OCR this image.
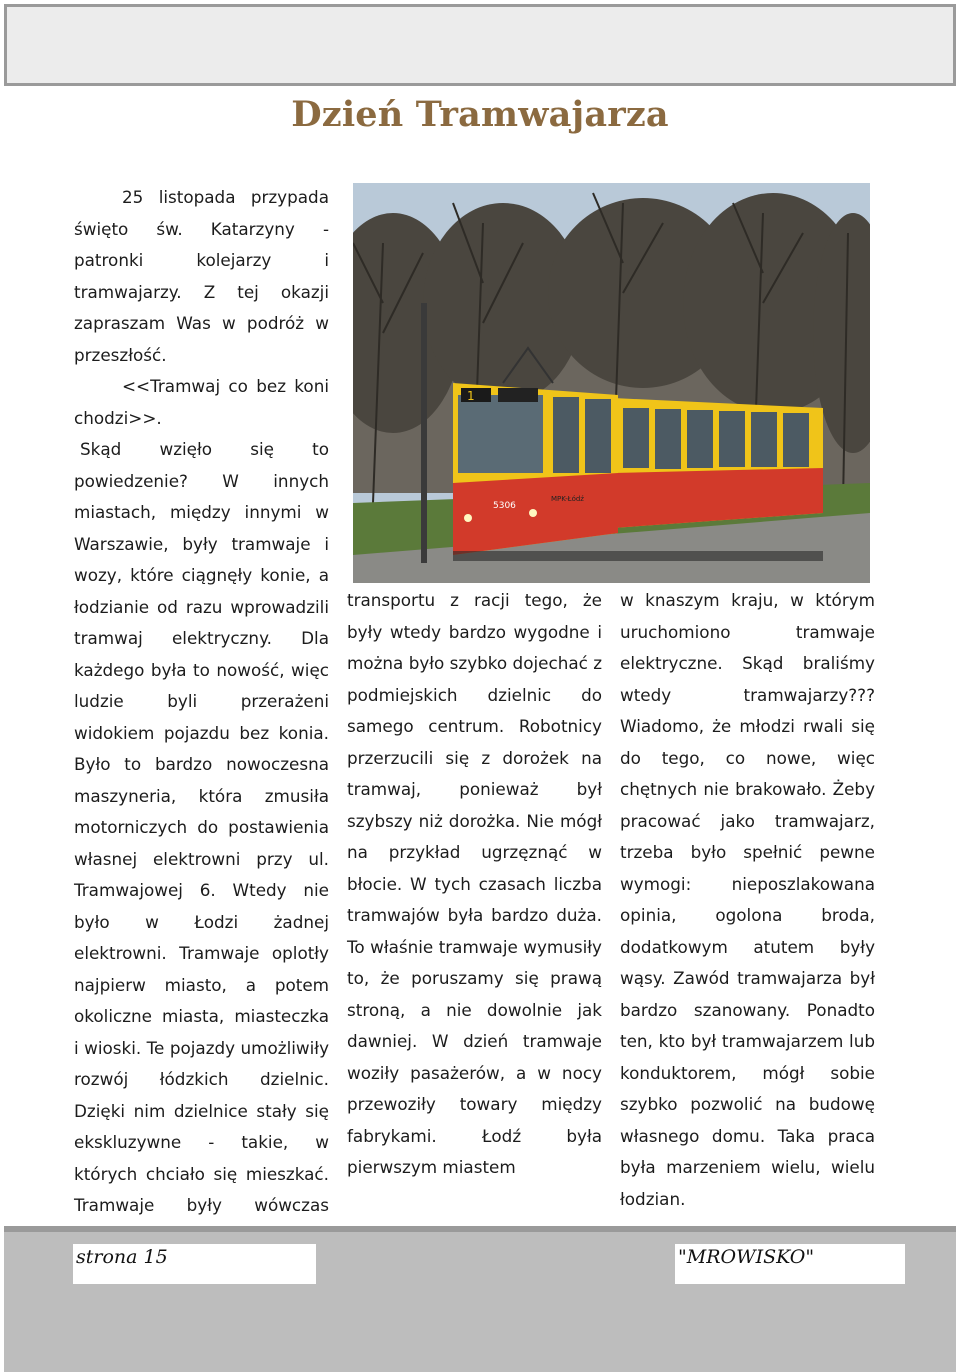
Dzień Tramwajarza

25 listopada przypada święto św. Katarzyny - patronki kolejarzy i tramwajarzy. Z tej okazji zapraszam Was w podróż w przeszłość.

<<Tramwaj co bez koni chodzi>>.

Skąd wzięło się to powiedzenie? W innych miastach, między innymi w Warszawie, były tramwaje i wozy, które ciągnęły konie, a łodzianie od razu wprowadzili tramwaj elektryczny. Dla każdego była to nowość, więc ludzie byli przerażeni widokiem pojazdu bez konia. Było to bardzo nowoczesna maszyneria, która zmusiła motorniczych do postawienia własnej elektrowni przy ul. Tramwajowej 6. Wtedy nie było w Łodzi żadnej elektrowni. Tramwaje oplotły najpierw miasto, a potem okoliczne miasta, miasteczka i wioski. Te pojazdy umożliwiły rozwój łódzkich dzielnic. Dzięki nim dzielnice stały się ekskluzywne - takie, w których chciało się mieszkać. Tramwaje były wówczas

1
5306
MPK-Łódź
transportu z racji tego, że były wtedy bardzo wygodne i można było szybko dojechać z podmiejskich dzielnic do samego centrum. Robotnicy przerzucili się z dorożek na tramwaj, ponieważ był szybszy niż dorożka. Nie mógł na przykład ugrzęznąć w błocie. W tych czasach liczba tramwajów była bardzo duża. To właśnie tramwaje wymusiły to, że poruszamy się prawą stroną, a nie dowolnie jak dawniej. W dzień tramwaje woziły pasażerów, a w nocy przewoziły towary między fabrykami. Łodź była pierwszym miastem
w knaszym kraju, w którym uruchomiono tramwaje elektryczne. Skąd braliśmy wtedy tramwajarzy??? Wiadomo, że młodzi rwali się do tego, co nowe, więc chętnych nie brakowało. Żeby pracować jako tramwajarz, trzeba było spełnić pewne wymogi: nieposzlakowana opinia, ogolona broda, dodatkowym atutem były wąsy. Zawód tramwajarza był bardzo szanowany. Ponadto ten, kto był tramwajarzem lub konduktorem, mógł sobie szybko pozwolić na budowę własnego domu. Taka praca była marzeniem wielu, wielu łodzian.
strona 15	"MROWISKO"
